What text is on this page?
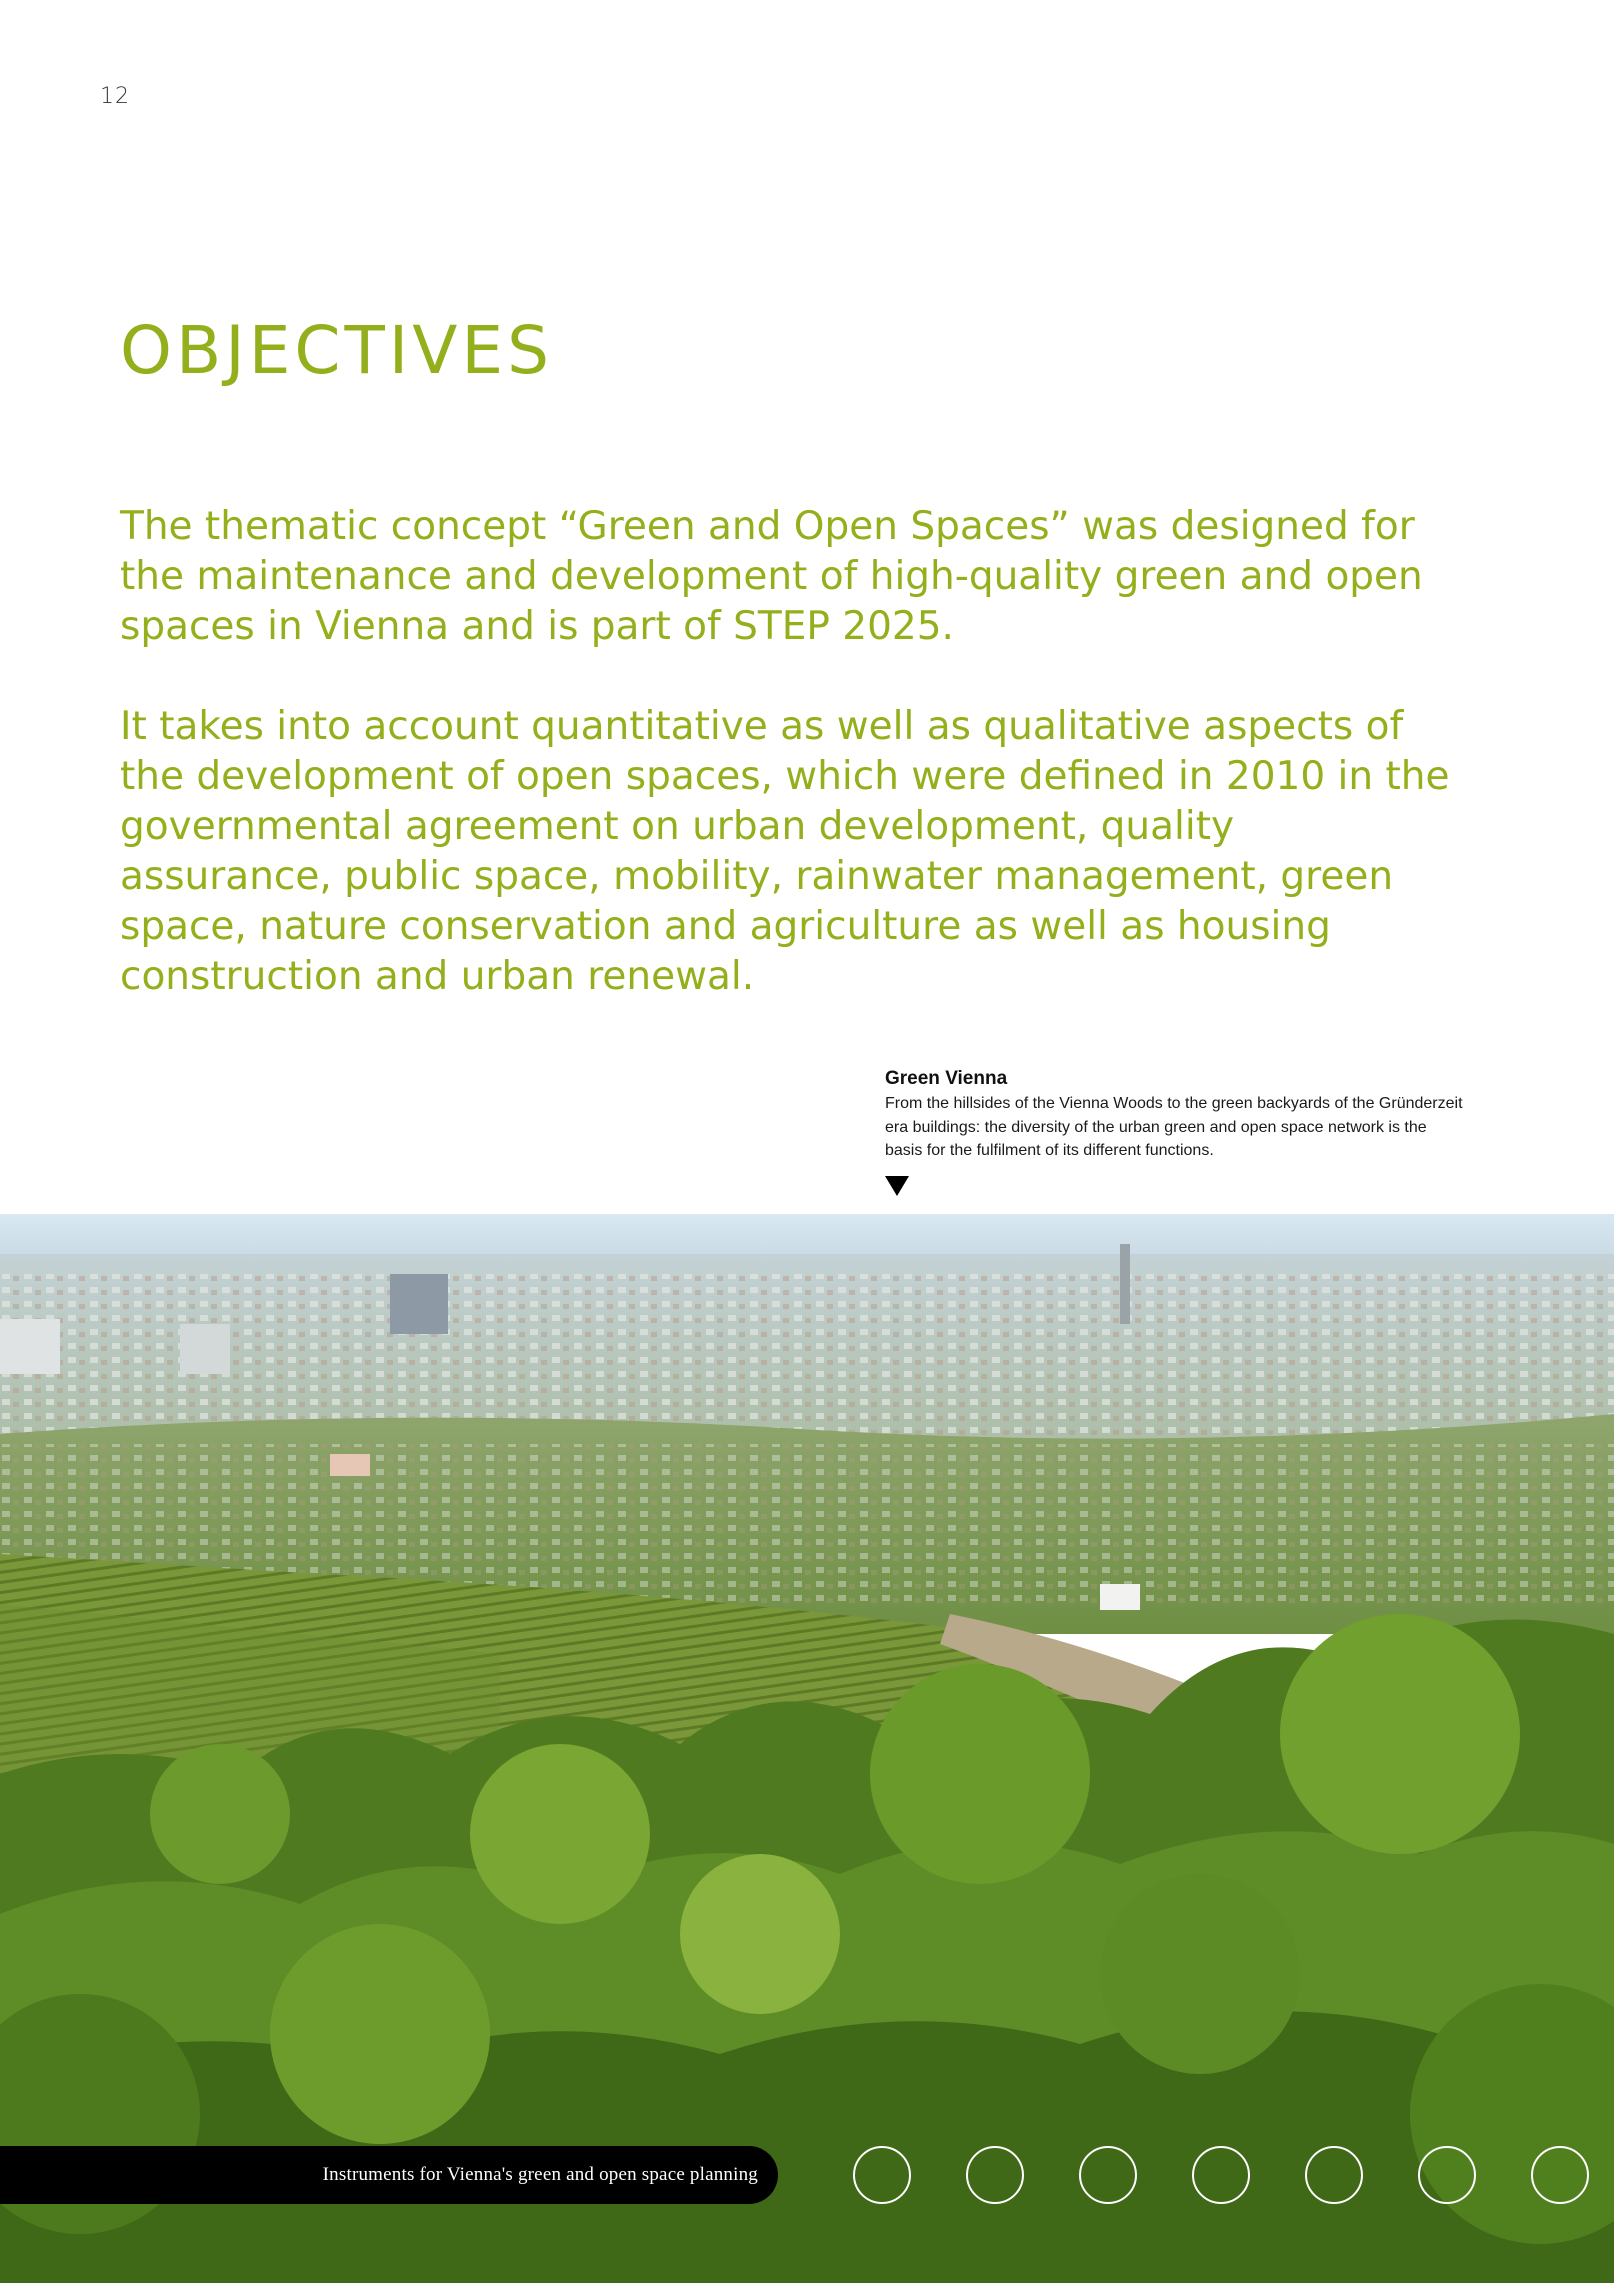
12
OBJECTIVES

The thematic concept “Green and Open Spaces” was designed for the maintenance and development of high-quality green and open spaces in Vienna and is part of STEP 2025.

It takes into account quantitative as well as qualitative aspects of the development of open spaces, which were defined in 2010 in the governmental agreement on urban development, quality assurance, public space, mobility, rainwater management, green space, nature conservation and agriculture as well as housing construction and urban renewal.

Green Vienna
From the hillsides of the Vienna Woods to the green backyards of the Gründerzeit era buildings: the diversity of the urban green and open space network is the basis for the fulfilment of its different functions.
Instruments for Vienna's green and open space planning
